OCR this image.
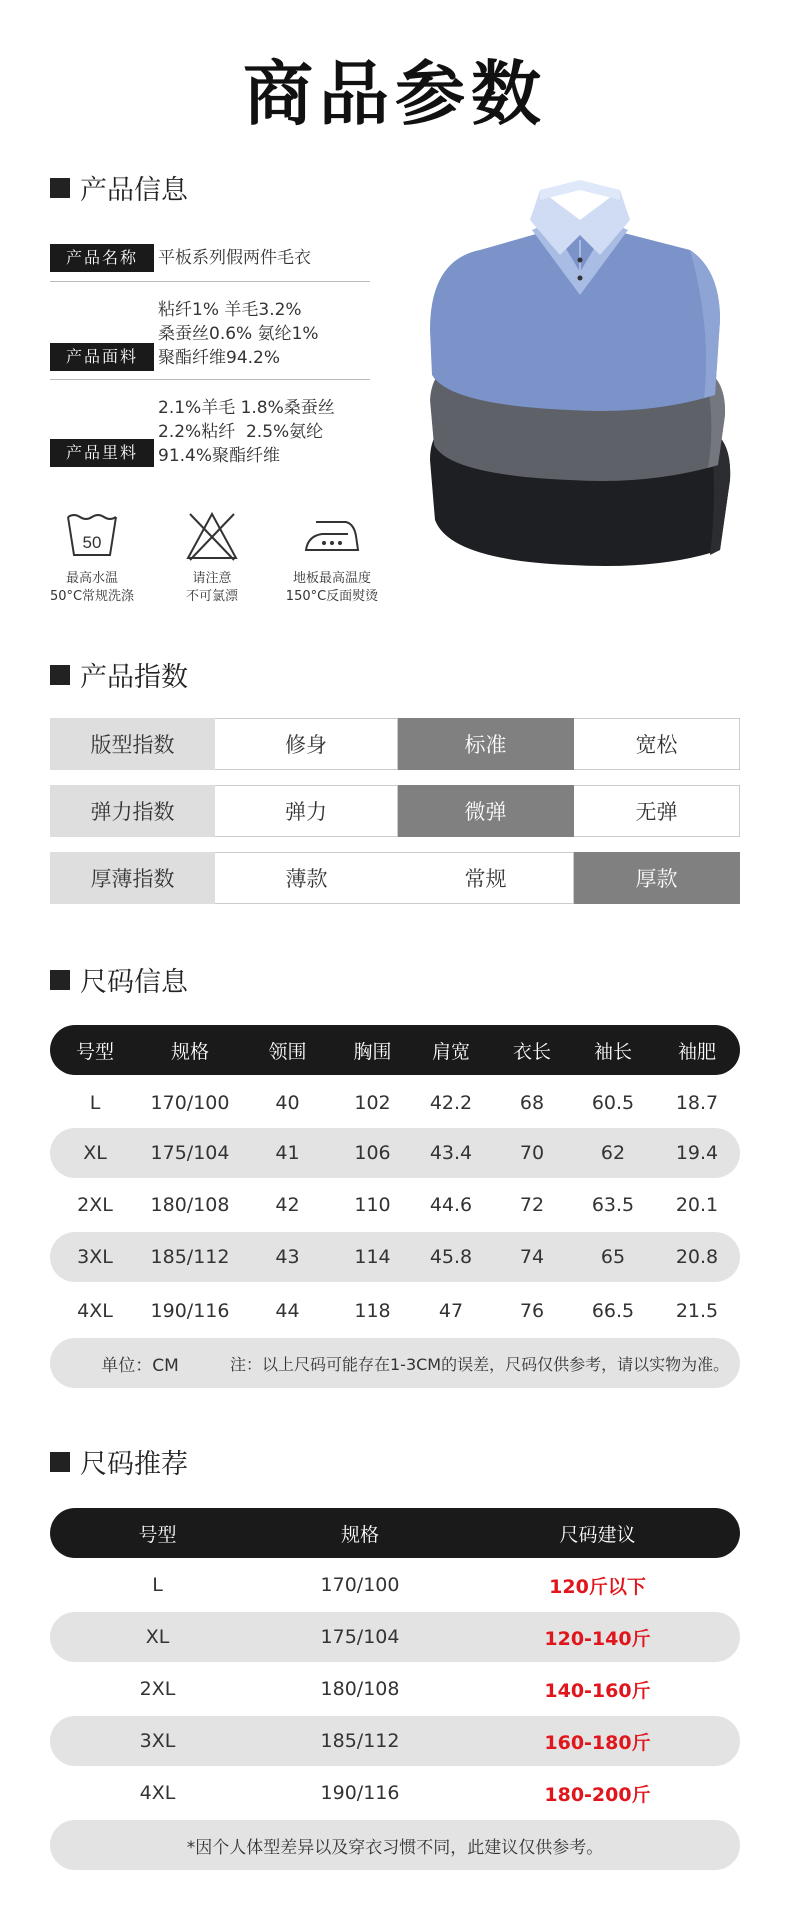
商品参数
产品信息
产品名称	平板系列假两件毛衣
产品面料
粘纤1% 羊毛3.2%
桑蚕丝0.6% 氨纶1%
聚酯纤维94.2%
产品里料
2.1%羊毛 1.8%桑蚕丝
2.2%粘纤  2.5%氨纶
91.4%聚酯纤维
50
最高水温
50°C常规洗涤
请注意
不可氯漂
地板最高温度
150°C反面熨烫
产品指数
版型指数	修身	标准	宽松
弹力指数	弹力	微弹	无弹
厚薄指数	薄款	常规	厚款
尺码信息
号型	规格	领围	胸围	肩宽	衣长	袖长	袖肥
L	170/100	40	102	42.2	68	60.5	18.7
XL	175/104	41	106	43.4	70	62	19.4
2XL	180/108	42	110	44.6	72	63.5	20.1
3XL	185/112	43	114	45.8	74	65	20.8
4XL	190/116	44	118	47	76	66.5	21.5
单位：CM	注：以上尺码可能存在1-3CM的误差，尺码仅供参考，请以实物为准。
尺码推荐
号型	规格	尺码建议
L	170/100	120斤以下
XL	175/104	120-140斤
2XL	180/108	140-160斤
3XL	185/112	160-180斤
4XL	190/116	180-200斤
*因个人体型差异以及穿衣习惯不同，此建议仅供参考。
